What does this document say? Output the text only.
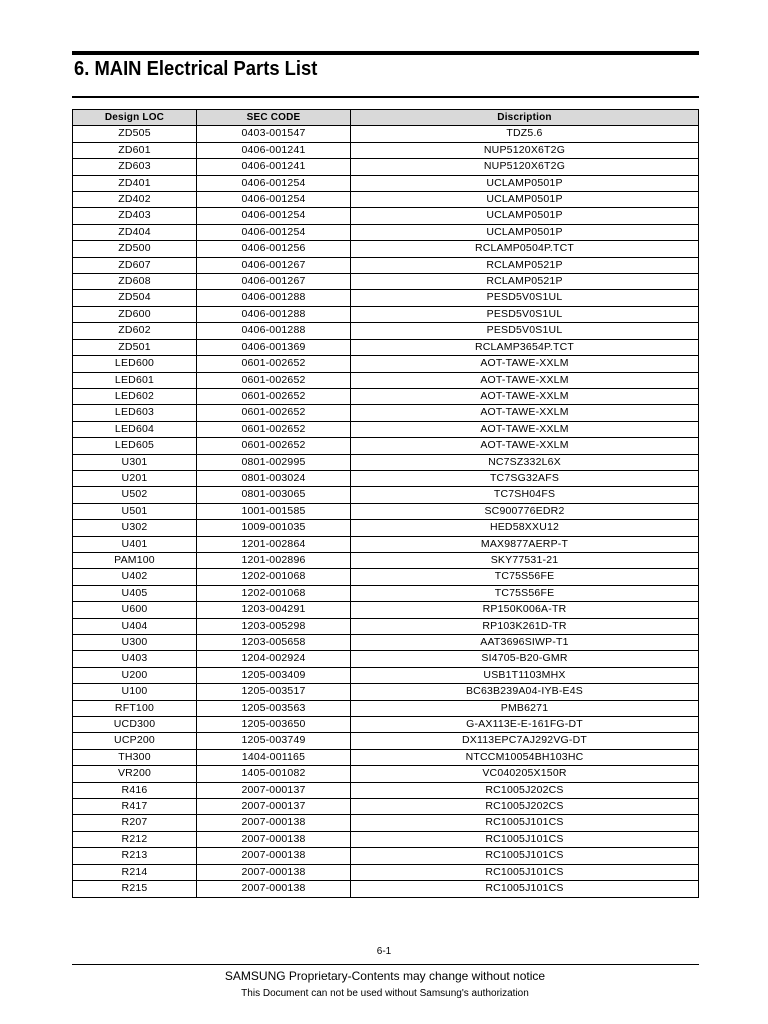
6. MAIN Electrical Parts List
Design LOC	SEC CODE	Discription
ZD505	0403-001547	TDZ5.6
ZD601	0406-001241	NUP5120X6T2G
ZD603	0406-001241	NUP5120X6T2G
ZD401	0406-001254	UCLAMP0501P
ZD402	0406-001254	UCLAMP0501P
ZD403	0406-001254	UCLAMP0501P
ZD404	0406-001254	UCLAMP0501P
ZD500	0406-001256	RCLAMP0504P.TCT
ZD607	0406-001267	RCLAMP0521P
ZD608	0406-001267	RCLAMP0521P
ZD504	0406-001288	PESD5V0S1UL
ZD600	0406-001288	PESD5V0S1UL
ZD602	0406-001288	PESD5V0S1UL
ZD501	0406-001369	RCLAMP3654P.TCT
LED600	0601-002652	AOT-TAWE-XXLM
LED601	0601-002652	AOT-TAWE-XXLM
LED602	0601-002652	AOT-TAWE-XXLM
LED603	0601-002652	AOT-TAWE-XXLM
LED604	0601-002652	AOT-TAWE-XXLM
LED605	0601-002652	AOT-TAWE-XXLM
U301	0801-002995	NC7SZ332L6X
U201	0801-003024	TC7SG32AFS
U502	0801-003065	TC7SH04FS
U501	1001-001585	SC900776EDR2
U302	1009-001035	HED58XXU12
U401	1201-002864	MAX9877AERP-T
PAM100	1201-002896	SKY77531-21
U402	1202-001068	TC75S56FE
U405	1202-001068	TC75S56FE
U600	1203-004291	RP150K006A-TR
U404	1203-005298	RP103K261D-TR
U300	1203-005658	AAT3696SIWP-T1
U403	1204-002924	SI4705-B20-GMR
U200	1205-003409	USB1T1103MHX
U100	1205-003517	BC63B239A04-IYB-E4S
RFT100	1205-003563	PMB6271
UCD300	1205-003650	G-AX113E-E-161FG-DT
UCP200	1205-003749	DX113EPC7AJ292VG-DT
TH300	1404-001165	NTCCM10054BH103HC
VR200	1405-001082	VC040205X150R
R416	2007-000137	RC1005J202CS
R417	2007-000137	RC1005J202CS
R207	2007-000138	RC1005J101CS
R212	2007-000138	RC1005J101CS
R213	2007-000138	RC1005J101CS
R214	2007-000138	RC1005J101CS
R215	2007-000138	RC1005J101CS
6-1
SAMSUNG Proprietary-Contents may change without notice
This Document can not be used without Samsung's authorization
